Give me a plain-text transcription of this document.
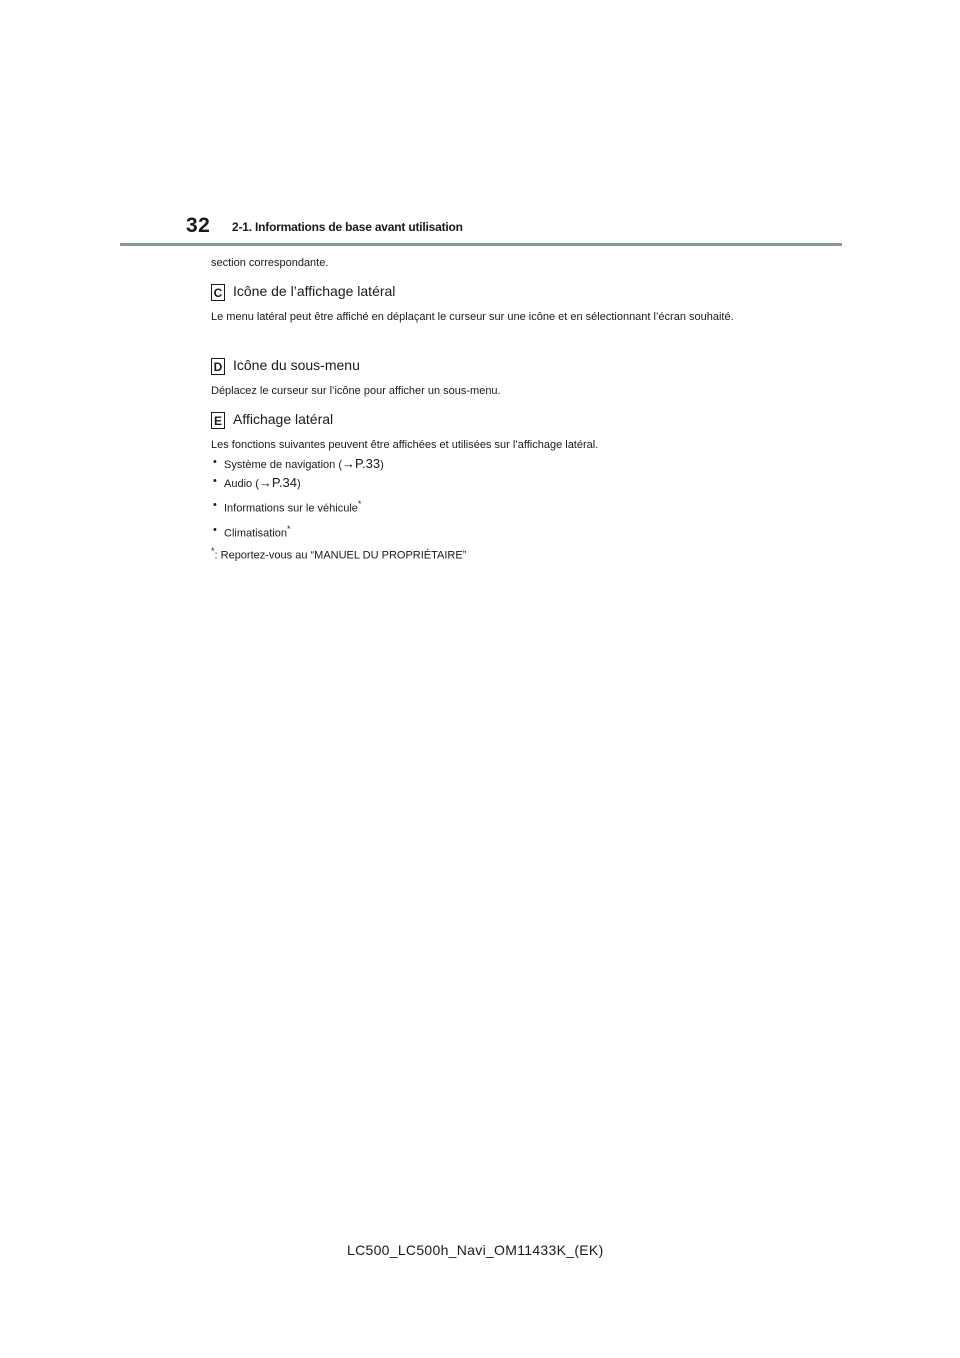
32 2-1. Informations de base avant utilisation
section correspondante.
C Icône de l’affichage latéral
Le menu latéral peut être affiché en déplaçant le curseur sur une icône et en sélectionnant l’écran souhaité.
D Icône du sous-menu
Déplacez le curseur sur l’icône pour afficher un sous-menu.
E Affichage latéral
Les fonctions suivantes peuvent être affichées et utilisées sur l’affichage latéral.
• Système de navigation (→P.33)
• Audio (→P.34)
• Informations sur le véhicule*
• Climatisation*
*: Reportez-vous au “MANUEL DU PROPRIÉTAIRE”
LC500_LC500h_Navi_OM11433K_(EK)
